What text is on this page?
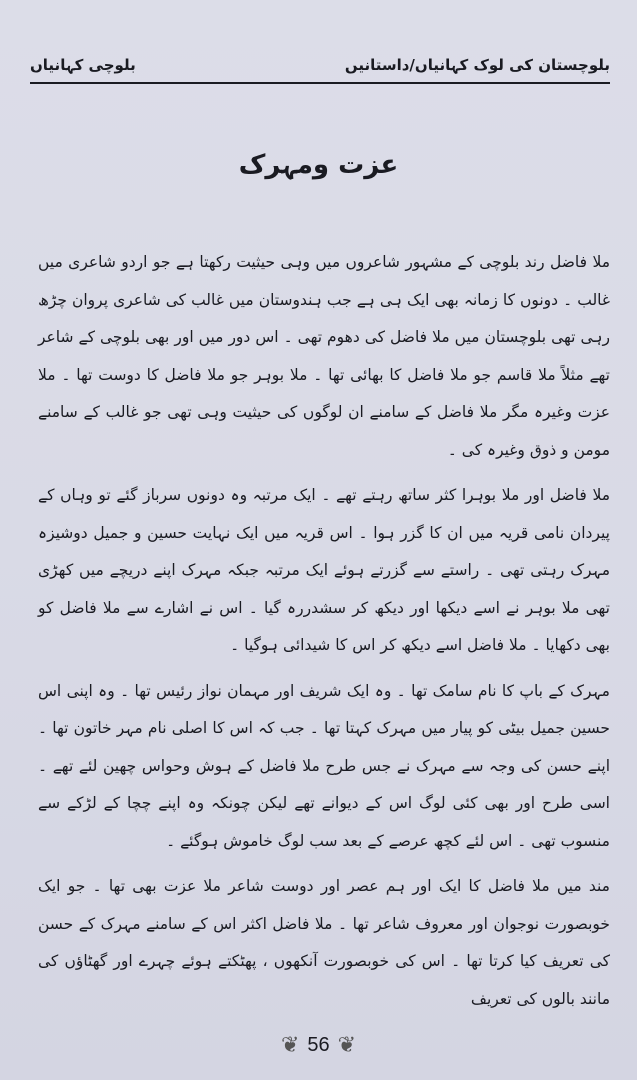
بلوچستان کی لوک کہانیاں/داستانیں
بلوچی کہانیاں
عزت ومہرک

ملا فاضل رند بلوچی کے مشہور شاعروں میں وہی حیثیت رکھتا ہے جو اردو شاعری میں غالب ۔ دونوں کا زمانہ بھی ایک ہی ہے جب ہندوستان میں غالب کی شاعری پروان چڑھ رہی تھی بلوچستان میں ملا فاضل کی دھوم تھی ۔ اس دور میں اور بھی بلوچی کے شاعر تھے مثلاً ملا قاسم جو ملا فاضل کا بھائی تھا ۔ ملا بوہر جو ملا فاضل کا دوست تھا ۔ ملا عزت وغیرہ مگر ملا فاضل کے سامنے ان لوگوں کی حیثیت وہی تھی جو غالب کے سامنے مومن و ذوق وغیرہ کی ۔

ملا فاضل اور ملا بوہرا کثر ساتھ رہتے تھے ۔ ایک مرتبہ وہ دونوں سرباز گئے تو وہاں کے پیردان نامی قریہ میں ان کا گزر ہوا ۔ اس قریہ میں ایک نہایت حسین و جمیل دوشیزہ مہرک رہتی تھی ۔ راستے سے گزرتے ہوئے ایک مرتبہ جبکہ مہرک اپنے دریچے میں کھڑی تھی ملا بوہر نے اسے دیکھا اور دیکھ کر سشدررہ گیا ۔ اس نے اشارے سے ملا فاضل کو بھی دکھایا ۔ ملا فاضل اسے دیکھ کر اس کا شیدائی ہوگیا ۔

مہرک کے باپ کا نام سامک تھا ۔ وہ ایک شریف اور مہمان نواز رئیس تھا ۔ وہ اپنی اس حسین جمیل بیٹی کو پیار میں مہرک کہتا تھا ۔ جب کہ اس کا اصلی نام مہر خاتون تھا ۔ اپنے حسن کی وجہ سے مہرک نے جس طرح ملا فاضل کے ہوش وحواس چھین لئے تھے ۔ اسی طرح اور بھی کئی لوگ اس کے دیوانے تھے لیکن چونکہ وہ اپنے چچا کے لڑکے سے منسوب تھی ۔ اس لئے کچھ عرصے کے بعد سب لوگ خاموش ہوگئے ۔

مند میں ملا فاضل کا ایک اور ہم عصر اور دوست شاعر ملا عزت بھی تھا ۔ جو ایک خوبصورت نوجوان اور معروف شاعر تھا ۔ ملا فاضل اکثر اس کے سامنے مہرک کے حسن کی تعریف کیا کرتا تھا ۔ اس کی خوبصورت آنکھوں ، پھٹکتے ہوئے چہرے اور گھٹاؤں کی مانند بالوں کی تعریف

❦ 56 ❦
